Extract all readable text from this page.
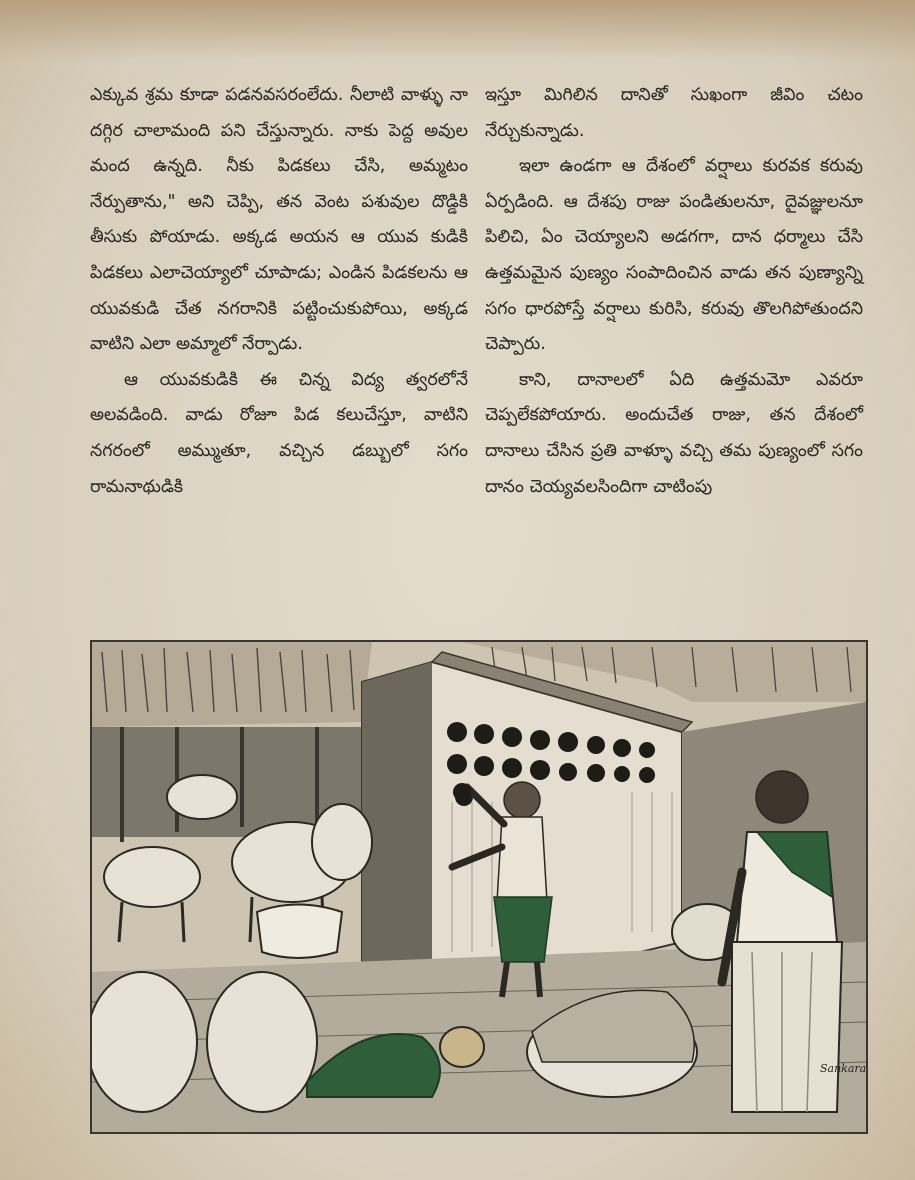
ఎక్కువ శ్రమ కూడా పడనవసరంలేదు. నీలాటి వాళ్ళు నా దగ్గిర చాలామంది పని చేస్తున్నారు. నాకు పెద్ద అవుల మంద ఉన్నది. నీకు పిడకలు చేసి, అమ్మటం నేర్పుతాను," అని చెప్పి, తన వెంట పశువుల దొడ్డికి తీసుకు పోయాడు. అక్కడ అయన ఆ యువ కుడికి పిడకలు ఎలాచెయ్యాలో చూపాడు; ఎండిన పిడకలను ఆ యువకుడి చేత నగరానికి పట్టించుకుపోయి, అక్కడ వాటిని ఎలా అమ్మాలో నేర్పాడు.

ఆ యువకుడికి ఈ చిన్న విద్య త్వరలోనే అలవడింది. వాడు రోజూ పిడ కలుచేస్తూ, వాటిని నగరంలో అమ్ముతూ, వచ్చిన డబ్బులో సగం రామనాథుడికి

ఇస్తూ మిగిలిన దానితో సుఖంగా జీవిం చటం నేర్చుకున్నాడు.

ఇలా ఉండగా ఆ దేశంలో వర్షాలు కురవక కరువు ఏర్పడింది. ఆ దేశపు రాజు పండితులనూ, దైవజ్ఞులనూ పిలిచి, ఏం చెయ్యాలని అడగగా, దాన ధర్మాలు చేసి ఉత్తమమైన పుణ్యం సంపాదించిన వాడు తన పుణ్యాన్ని సగం ధారపోస్తే వర్షాలు కురిసి, కరువు తొలగిపోతుందని చెప్పారు.

కాని, దానాలలో ఏది ఉత్తమమో ఎవరూ చెప్పలేకపోయారు. అందుచేత రాజు, తన దేశంలో దానాలు చేసిన ప్రతి వాళ్ళూ వచ్చి తమ పుణ్యంలో సగం దానం చెయ్యవలసిందిగా చాటింపు

Sankara
